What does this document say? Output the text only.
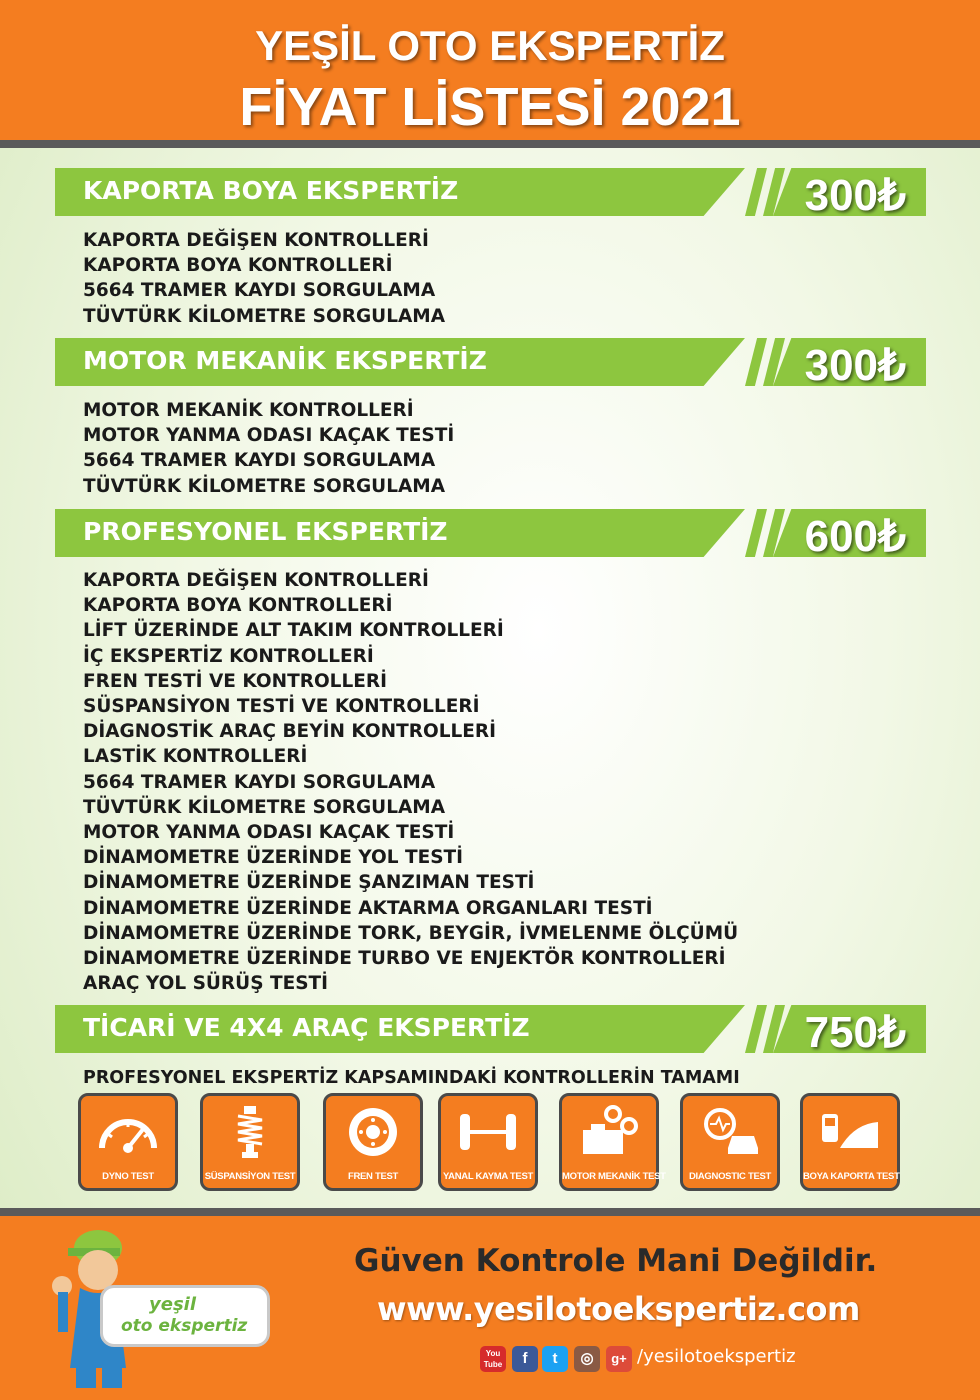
YEŞİL OTO EKSPERTİZ
FİYAT LİSTESİ 2021
KAPORTA BOYA EKSPERTİZ	300₺
KAPORTA DEĞİŞEN KONTROLLERİ
KAPORTA BOYA KONTROLLERİ
5664 TRAMER KAYDI SORGULAMA
TÜVTÜRK KİLOMETRE SORGULAMA
MOTOR MEKANİK EKSPERTİZ	300₺
MOTOR MEKANİK KONTROLLERİ
MOTOR YANMA ODASI KAÇAK TESTİ
5664 TRAMER KAYDI SORGULAMA
TÜVTÜRK KİLOMETRE SORGULAMA
PROFESYONEL EKSPERTİZ	600₺
KAPORTA DEĞİŞEN KONTROLLERİ
KAPORTA BOYA KONTROLLERİ
LİFT ÜZERİNDE ALT TAKIM KONTROLLERİ
İÇ EKSPERTİZ KONTROLLERİ
FREN TESTİ VE KONTROLLERİ
SÜSPANSİYON TESTİ VE KONTROLLERİ
DİAGNOSTİK ARAÇ BEYİN KONTROLLERİ
LASTİK KONTROLLERİ
5664 TRAMER KAYDI SORGULAMA
TÜVTÜRK KİLOMETRE SORGULAMA
MOTOR YANMA ODASI KAÇAK TESTİ
DİNAMOMETRE ÜZERİNDE YOL TESTİ
DİNAMOMETRE ÜZERİNDE ŞANZIMAN TESTİ
DİNAMOMETRE ÜZERİNDE AKTARMA ORGANLARI TESTİ
DİNAMOMETRE ÜZERİNDE TORK, BEYGİR, İVMELENME ÖLÇÜMÜ
DİNAMOMETRE ÜZERİNDE TURBO VE ENJEKTÖR KONTROLLERİ
ARAÇ YOL SÜRÜŞ TESTİ
TİCARİ VE 4X4 ARAÇ EKSPERTİZ	750₺
PROFESYONEL EKSPERTİZ KAPSAMINDAKİ KONTROLLERİN TAMAMI
DYNO TEST	SÜSPANSİYON TEST	FREN TEST	YANAL KAYMA TEST	MOTOR MEKANİK TEST	DIAGNOSTIC TEST	BOYA KAPORTA TEST
yeşil
oto ekspertiz
Güven Kontrole Mani Değildir.
www.yesilotoekspertiz.com
You Tube	f	t	◎	g+ /yesilotoekspertiz
